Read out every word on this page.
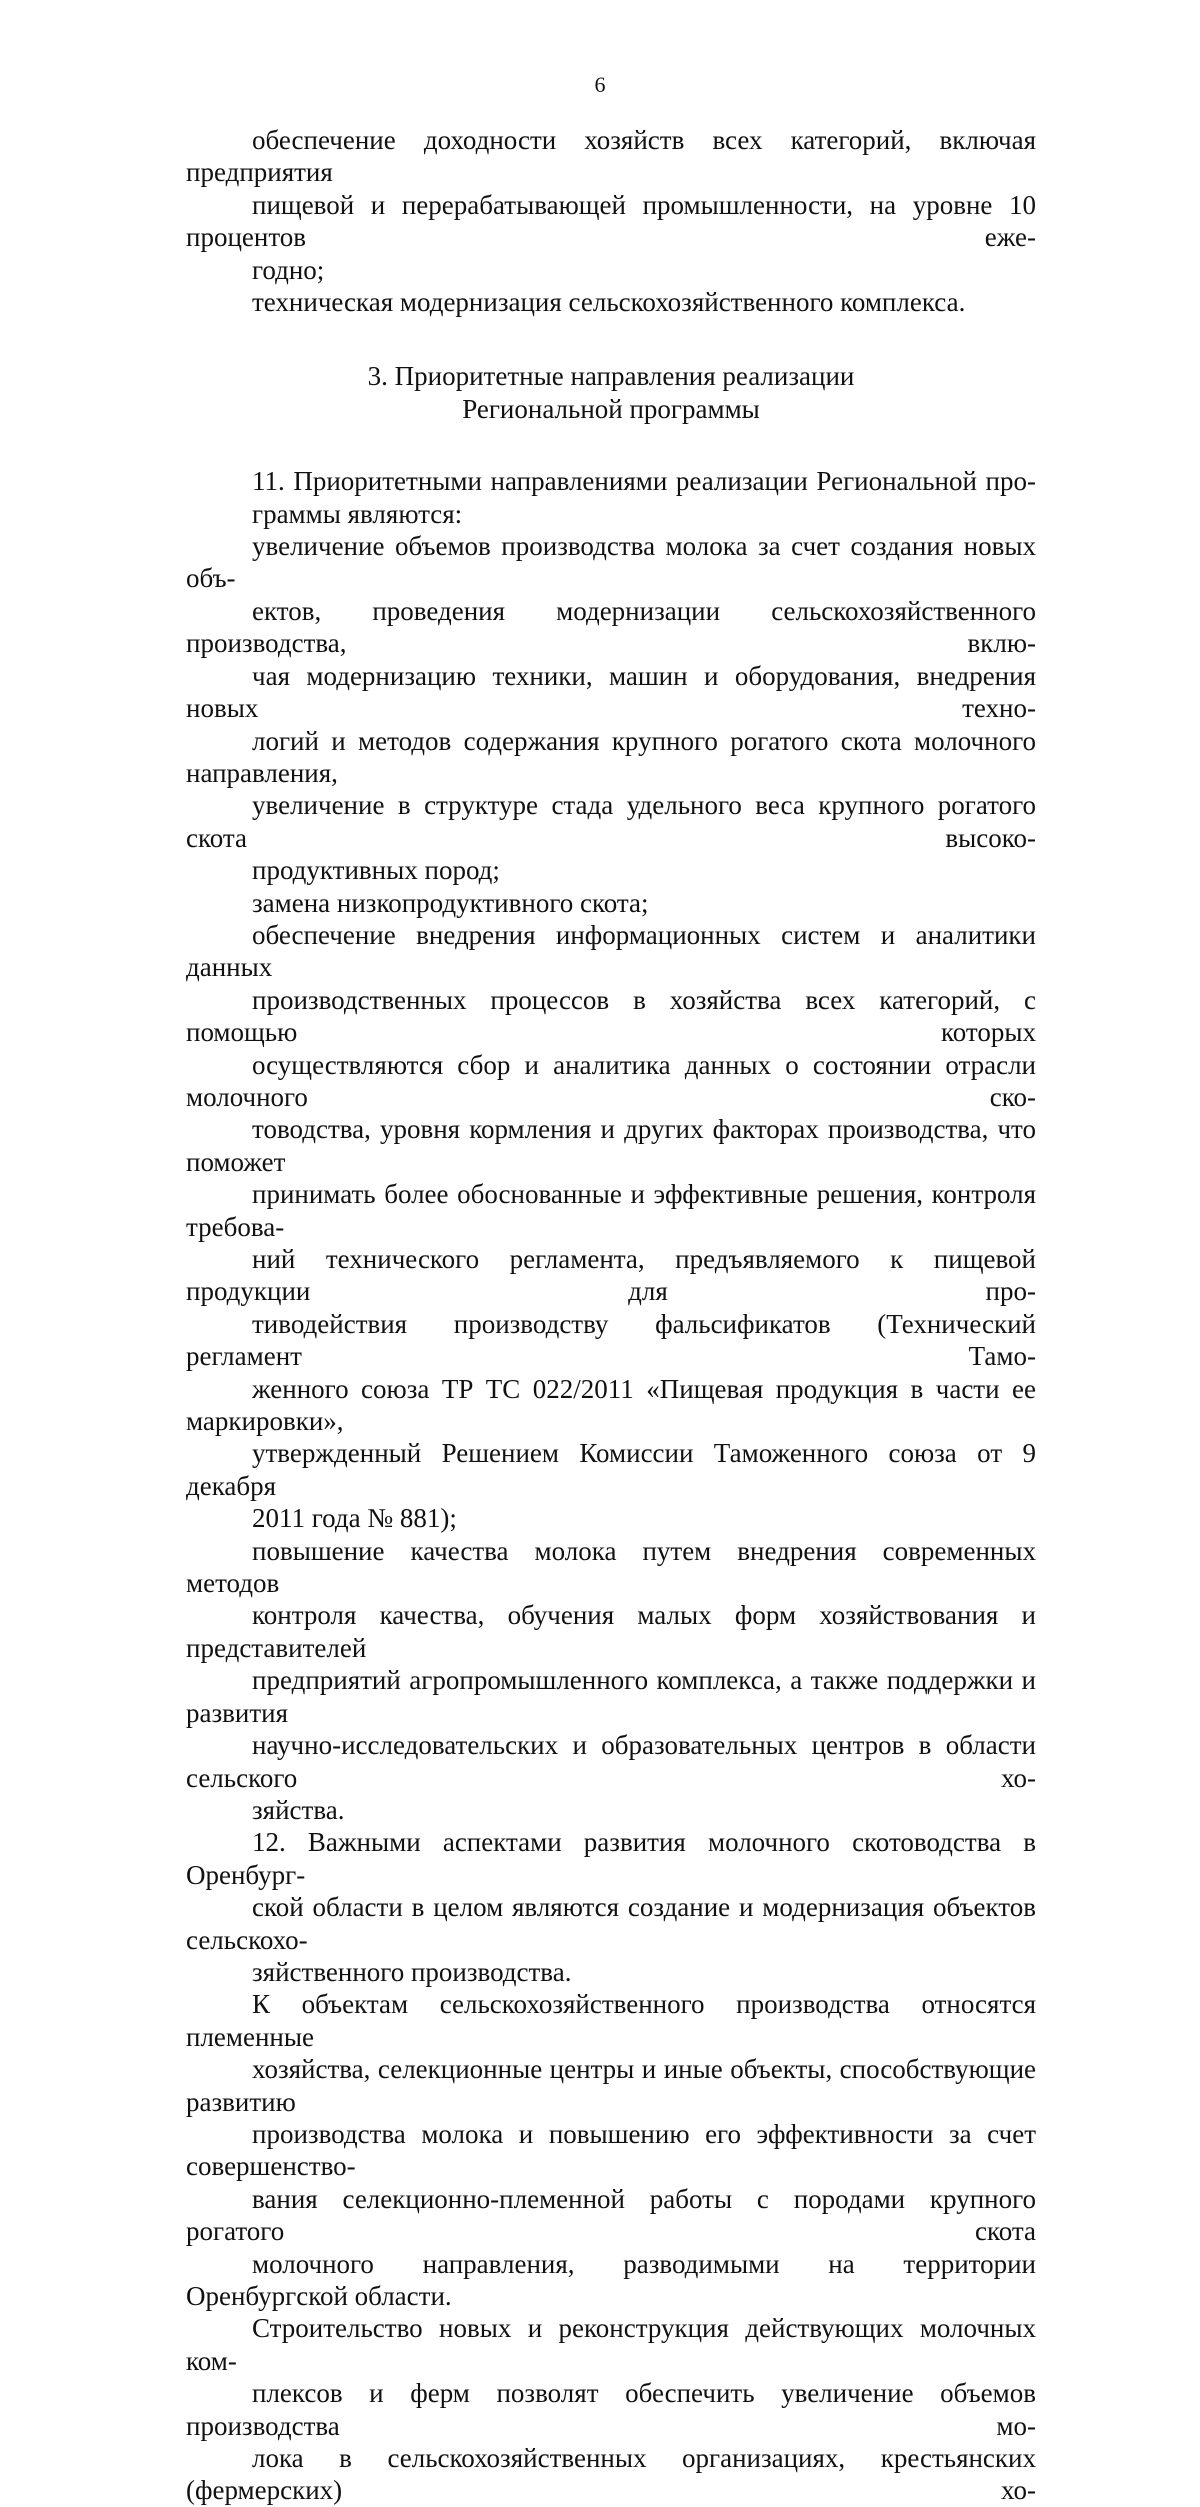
6
обеспечение доходности хозяйств всех категорий, включая предприятия
пищевой и перерабатывающей промышленности, на уровне 10 процентов еже-
годно;
техническая модернизация сельскохозяйственного комплекса.
3. Приоритетные направления реализации
Региональной программы
11. Приоритетными направлениями реализации Региональной про-
граммы являются:
увеличение объемов производства молока за счет создания новых объ-
ектов, проведения модернизации сельскохозяйственного производства, вклю-
чая модернизацию техники, машин и оборудования, внедрения новых техно-
логий и методов содержания крупного рогатого скота молочного направления,
увеличение в структуре стада удельного веса крупного рогатого скота высоко-
продуктивных пород;
замена низкопродуктивного скота;
обеспечение внедрения информационных систем и аналитики данных
производственных процессов в хозяйства всех категорий, с помощью которых
осуществляются сбор и аналитика данных о состоянии отрасли молочного ско-
товодства, уровня кормления и других факторах производства, что поможет
принимать более обоснованные и эффективные решения, контроля требова-
ний технического регламента, предъявляемого к пищевой продукции для про-
тиводействия производству фальсификатов (Технический регламент Тамо-
женного союза ТР ТС 022/2011 «Пищевая продукция в части ее маркировки»,
утвержденный Решением Комиссии Таможенного союза от 9 декабря
2011 года № 881);
повышение качества молока путем внедрения современных методов
контроля качества, обучения малых форм хозяйствования и представителей
предприятий агропромышленного комплекса, а также поддержки и развития
научно-исследовательских и образовательных центров в области сельского хо-
зяйства.
12. Важными аспектами развития молочного скотоводства в Оренбург-
ской области в целом являются создание и модернизация объектов сельскохо-
зяйственного производства.
К объектам сельскохозяйственного производства относятся племенные
хозяйства, селекционные центры и иные объекты, способствующие развитию
производства молока и повышению его эффективности за счет совершенство-
вания селекционно-племенной работы с породами крупного рогатого скота
молочного направления, разводимыми на территории Оренбургской области.
Строительство новых и реконструкция действующих молочных ком-
плексов и ферм позволят обеспечить увеличение объемов производства мо-
лока в сельскохозяйственных организациях, крестьянских (фермерских) хо-
